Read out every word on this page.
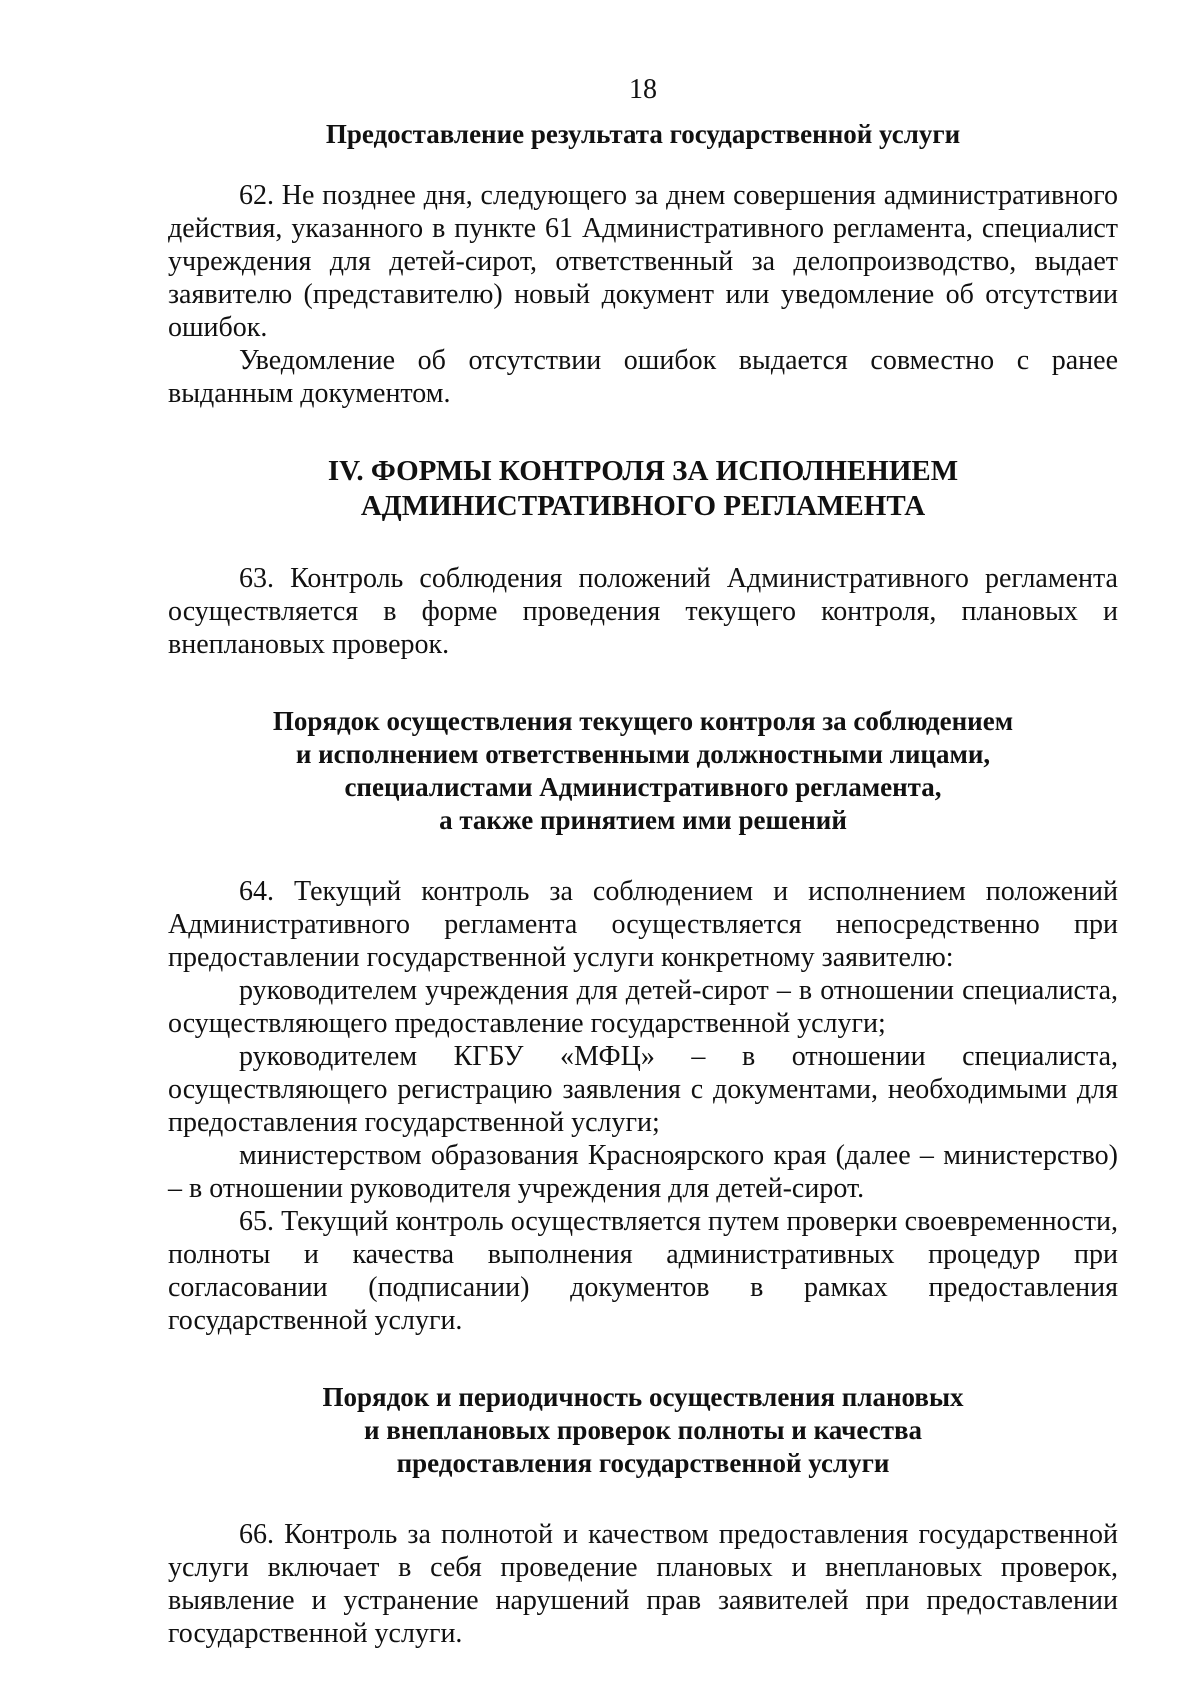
18
Предоставление результата государственной услуги

62. Не позднее дня, следующего за днем совершения административного действия, указанного в пункте 61 Административного регламента, специалист учреждения для детей-сирот, ответственный за делопроизводство, выдает заявителю (представителю) новый документ или уведомление об отсутствии ошибок.

Уведомление об отсутствии ошибок выдается совместно с ранее выданным документом.

IV. ФОРМЫ КОНТРОЛЯ ЗА ИСПОЛНЕНИЕМ
АДМИНИСТРАТИВНОГО РЕГЛАМЕНТА

63. Контроль соблюдения положений Административного регламента осуществляется в форме проведения текущего контроля, плановых и внеплановых проверок.

Порядок осуществления текущего контроля за соблюдением
и исполнением ответственными должностными лицами,
специалистами Административного регламента,
а также принятием ими решений

64. Текущий контроль за соблюдением и исполнением положений Административного регламента осуществляется непосредственно при предоставлении государственной услуги конкретному заявителю:

руководителем учреждения для детей-сирот – в отношении специалиста, осуществляющего предоставление государственной услуги;

руководителем КГБУ «МФЦ» – в отношении специалиста, осуществляющего регистрацию заявления с документами, необходимыми для предоставления государственной услуги;

министерством образования Красноярского края (далее – министерство) – в отношении руководителя учреждения для детей-сирот.

65. Текущий контроль осуществляется путем проверки своевременности, полноты и качества выполнения административных процедур при согласовании (подписании) документов в рамках предоставления государственной услуги.

Порядок и периодичность осуществления плановых
и внеплановых проверок полноты и качества
предоставления государственной услуги

66. Контроль за полнотой и качеством предоставления государственной услуги включает в себя проведение плановых и внеплановых проверок, выявление и устранение нарушений прав заявителей при предоставлении государственной услуги.
